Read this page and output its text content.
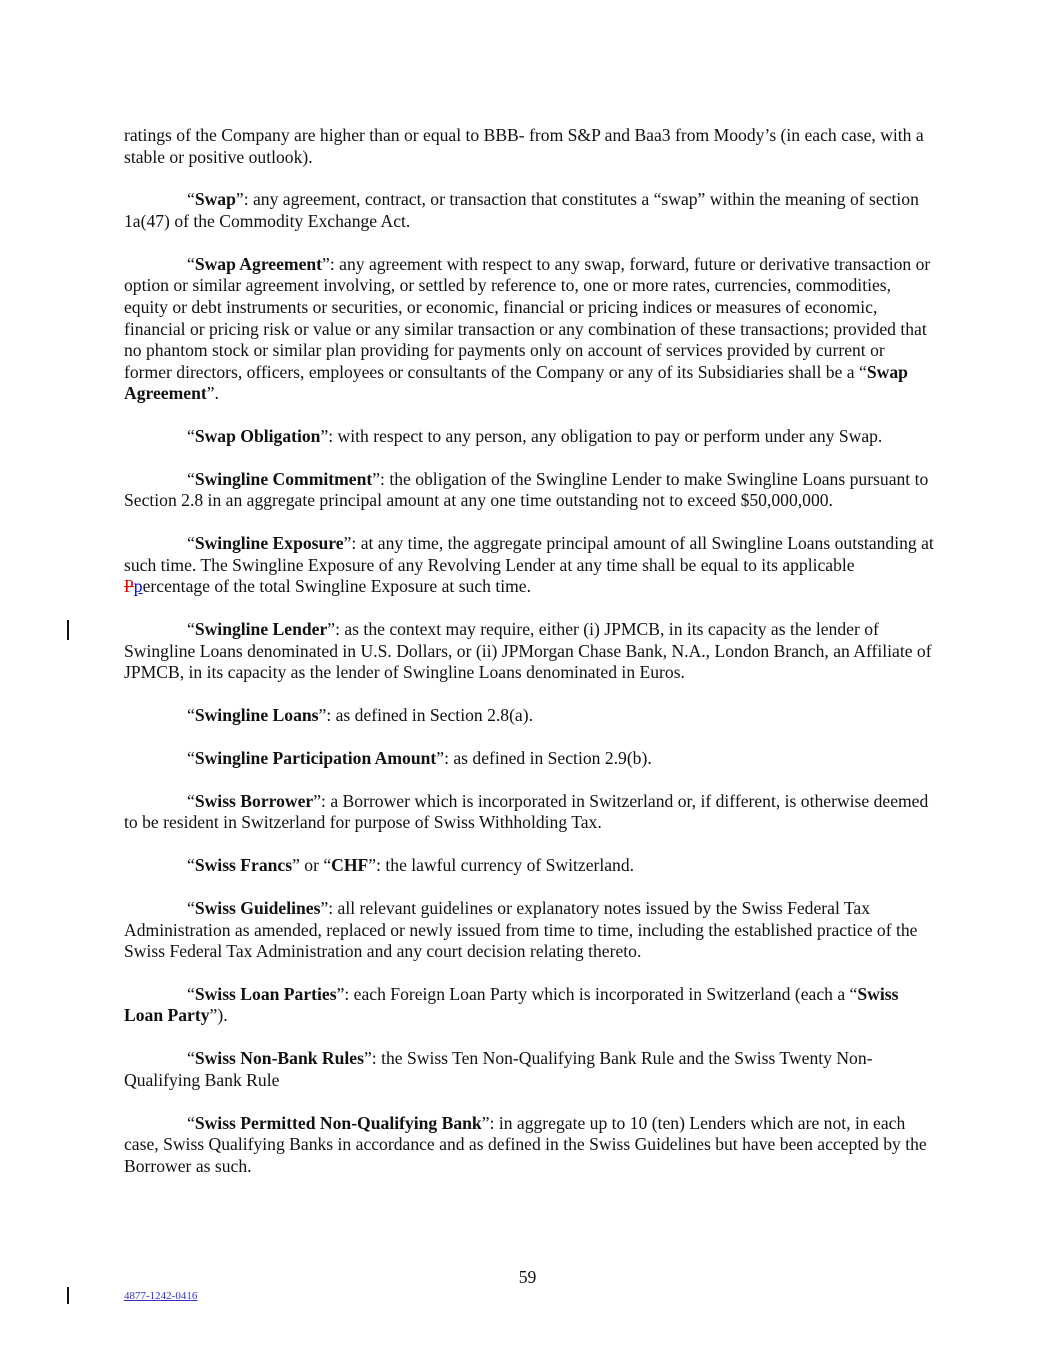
ratings of the Company are higher than or equal to BBB- from S&P and Baa3 from Moody’s (in each case, with a stable or positive outlook).

“Swap”: any agreement, contract, or transaction that constitutes a “swap” within the meaning of section 1a(47) of the Commodity Exchange Act.

“Swap Agreement”: any agreement with respect to any swap, forward, future or derivative transaction or option or similar agreement involving, or settled by reference to, one or more rates, currencies, commodities, equity or debt instruments or securities, or economic, financial or pricing indices or measures of economic, financial or pricing risk or value or any similar transaction or any combination of these transactions; provided that no phantom stock or similar plan providing for payments only on account of services provided by current or former directors, officers, employees or consultants of the Company or any of its Subsidiaries shall be a “Swap Agreement”.

“Swap Obligation”: with respect to any person, any obligation to pay or perform under any Swap.

“Swingline Commitment”: the obligation of the Swingline Lender to make Swingline Loans pursuant to Section 2.8 in an aggregate principal amount at any one time outstanding not to exceed $50,000,000.

“Swingline Exposure”: at any time, the aggregate principal amount of all Swingline Loans outstanding at such time. The Swingline Exposure of any Revolving Lender at any time shall be equal to its applicable Ppercentage of the total Swingline Exposure at such time.

“Swingline Lender”: as the context may require, either (i) JPMCB, in its capacity as the lender of Swingline Loans denominated in U.S. Dollars, or (ii) JPMorgan Chase Bank, N.A., London Branch, an Affiliate of JPMCB, in its capacity as the lender of Swingline Loans denominated in Euros.

“Swingline Loans”: as defined in Section 2.8(a).

“Swingline Participation Amount”: as defined in Section 2.9(b).

“Swiss Borrower”: a Borrower which is incorporated in Switzerland or, if different, is otherwise deemed to be resident in Switzerland for purpose of Swiss Withholding Tax.

“Swiss Francs” or “CHF”: the lawful currency of Switzerland.

“Swiss Guidelines”: all relevant guidelines or explanatory notes issued by the Swiss Federal Tax Administration as amended, replaced or newly issued from time to time, including the established practice of the Swiss Federal Tax Administration and any court decision relating thereto.

“Swiss Loan Parties”: each Foreign Loan Party which is incorporated in Switzerland (each a “Swiss Loan Party”).

“Swiss Non-Bank Rules”: the Swiss Ten Non-Qualifying Bank Rule and the Swiss Twenty Non-Qualifying Bank Rule

“Swiss Permitted Non-Qualifying Bank”: in aggregate up to 10 (ten) Lenders which are not, in each case, Swiss Qualifying Banks in accordance and as defined in the Swiss Guidelines but have been accepted by the Borrower as such.

59
4877-1242-0416
